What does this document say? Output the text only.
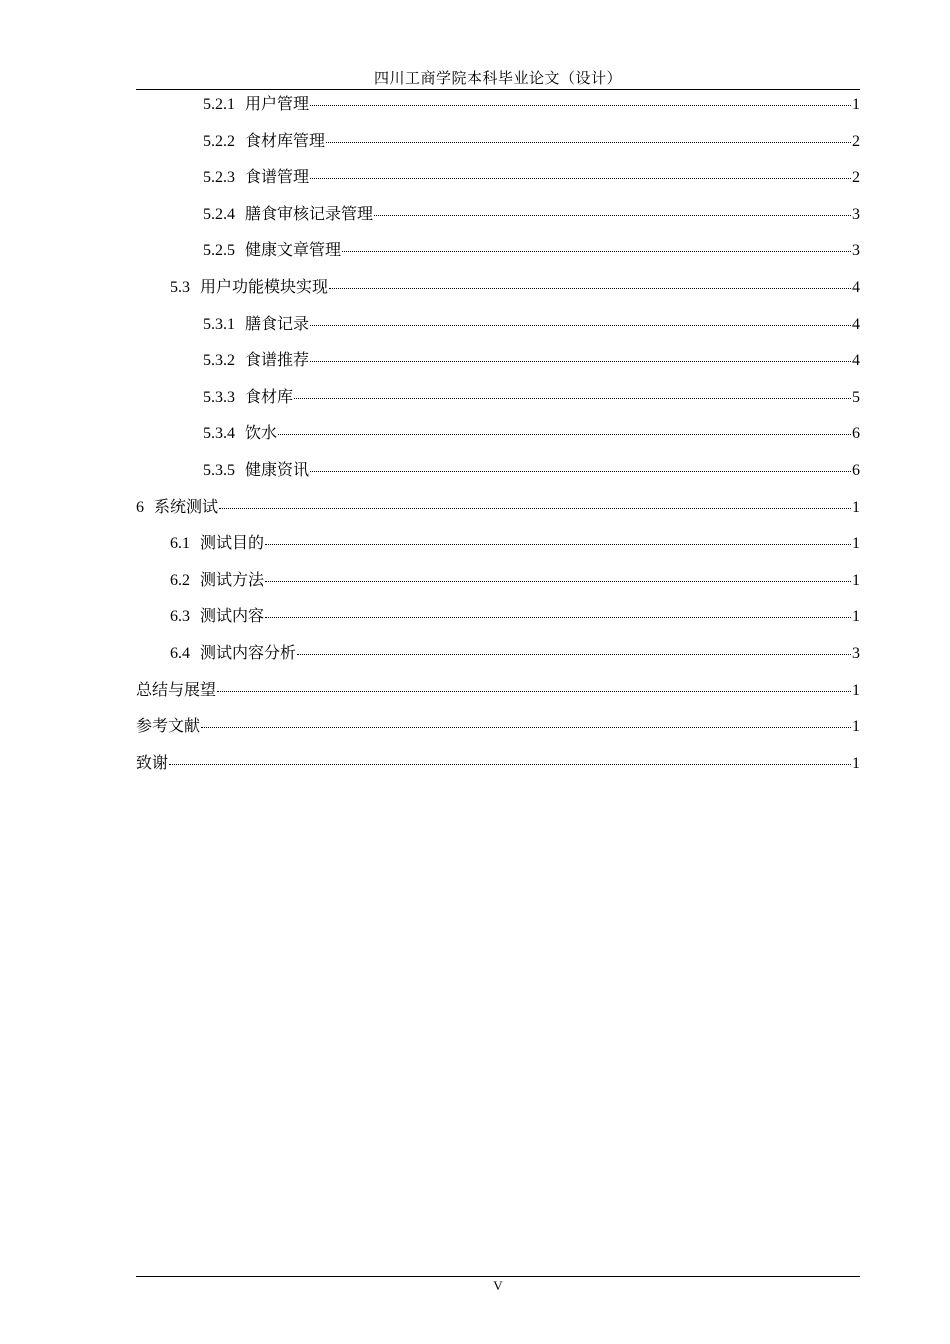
四川工商学院本科毕业论文（设计）
5.2.1 用户管理	1
5.2.2 食材库管理	2
5.2.3 食谱管理	2
5.2.4 膳食审核记录管理	3
5.2.5 健康文章管理	3
5.3 用户功能模块实现	4
5.3.1 膳食记录	4
5.3.2 食谱推荐	4
5.3.3 食材库	5
5.3.4 饮水	6
5.3.5 健康资讯	6
6 系统测试	1
6.1 测试目的	1
6.2 测试方法	1
6.3 测试内容	1
6.4 测试内容分析	3
总结与展望	1
参考文献	1
致谢	1
V
